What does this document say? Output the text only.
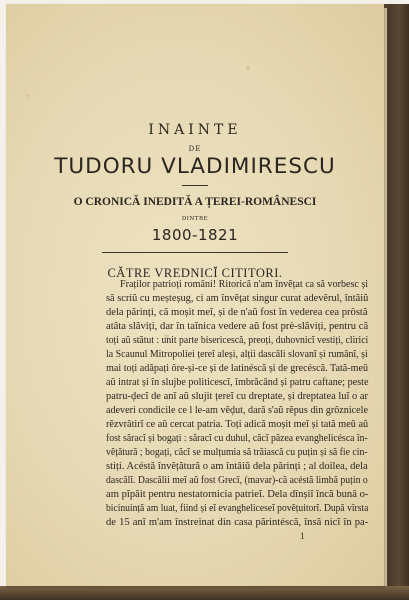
INAINTE
DE
TUDORU VLADIMIRESCU
O CRONICĂ INEDITĂ A ȚEREI-ROMÂNESCI
DINTRE
1800-1821
CĂTRE VREDNICĬ CITITORI.
Fraților patrioți români! Ritorică n'am învĕțat ca să vorbesc și
să scriŭ cu meșteșug, ci am învĕțat singur curat adevĕrul, întâiŭ
dela părinți, că moșit meĭ, și de n'aŭ fost în vederea cea prôstă
atâta slăviți, dar în taĭnica vedere aŭ fost prè-slăviți, pentru că
toți aŭ stătut : unit parte bisericescă, preoți, duhovnicĭ vestiți, clirici
la Scaunul Mitropoliei țereĭ aleși, alții dascăli slovanĭ și rumânĭ, și
mai toți adăpați ôre-și-ce și de latinéscă și de grecéscă. Tată-meŭ
aŭ intrat și în slujbe politicescĭ, îmbrăcând și patru caftane; peste
patru-ḑecĭ de anĭ aŭ slujit țereĭ cu dreptate, și dreptatea luĭ o ar
adeveri condicile ce l le-am vĕḑut, dară s'aŭ rĕpus din grôznicele
rĕzvrătirĭ ce aŭ cercat patria. Toți adică moșit meĭ și tată meŭ aŭ
fost săracĭ și bogați : săracĭ cu duhul, căcĭ păzea evanghelicésca în-
vĕțătură ; bogați, căcĭ se mulțumia să trăiască cu puțin și să fie cin-
stiți. Acéstă învĕțătură o am întâiŭ dela părinți ; al doilea, dela
dascălĭ. Dascălii meĭ aŭ fost Grecĭ, (mavar)-că acéstă limbă puțin o
am pĭpăit pentru nestatornicia patrieĭ. Dela dînșiĭ încă bună o-
bicinuință am luat, fiind și eĭ evangheliceseĭ povĕțuitorĭ. După vîrsta
de 15 anĭ m'am înstreinat din casa părintéscă, însă nicĭ în pa-
1
